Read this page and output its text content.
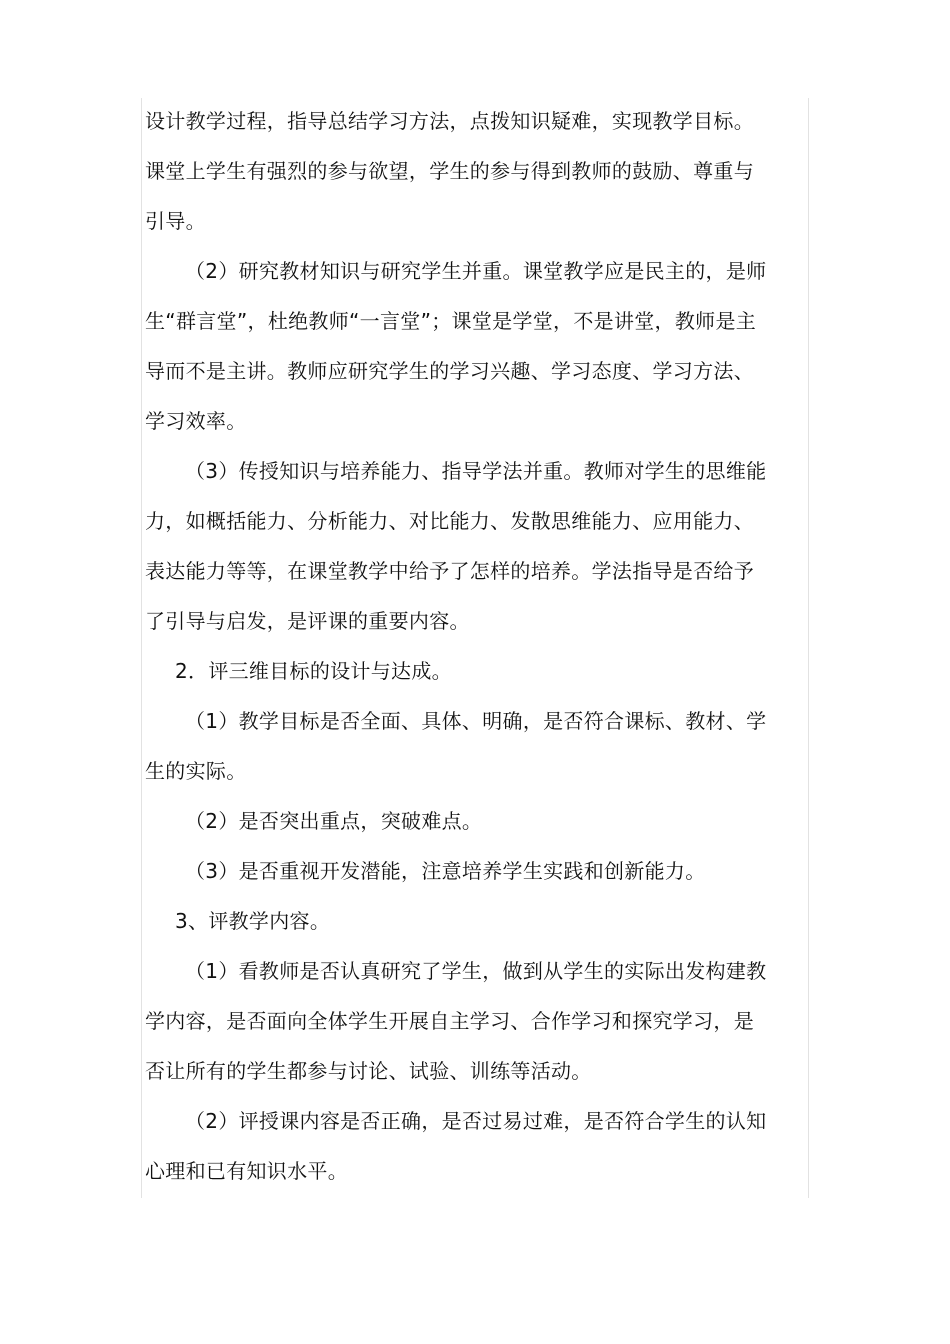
设计教学过程，指导总结学习方法，点拨知识疑难，实现教学目标。
课堂上学生有强烈的参与欲望，学生的参与得到教师的鼓励、尊重与
引导。
（2）研究教材知识与研究学生并重。课堂教学应是民主的，是师
生“群言堂”，杜绝教师“一言堂”；课堂是学堂，不是讲堂，教师是主
导而不是主讲。教师应研究学生的学习兴趣、学习态度、学习方法、
学习效率。
（3）传授知识与培养能力、指导学法并重。教师对学生的思维能
力，如概括能力、分析能力、对比能力、发散思维能力、应用能力、
表达能力等等，在课堂教学中给予了怎样的培养。学法指导是否给予
了引导与启发，是评课的重要内容。
2．评三维目标的设计与达成。
（1）教学目标是否全面、具体、明确，是否符合课标、教材、学
生的实际。
（2）是否突出重点，突破难点。
（3）是否重视开发潜能，注意培养学生实践和创新能力。
3、评教学内容。
（1）看教师是否认真研究了学生，做到从学生的实际出发构建教
学内容，是否面向全体学生开展自主学习、合作学习和探究学习，是
否让所有的学生都参与讨论、试验、训练等活动。
（2）评授课内容是否正确，是否过易过难，是否符合学生的认知
心理和已有知识水平。
